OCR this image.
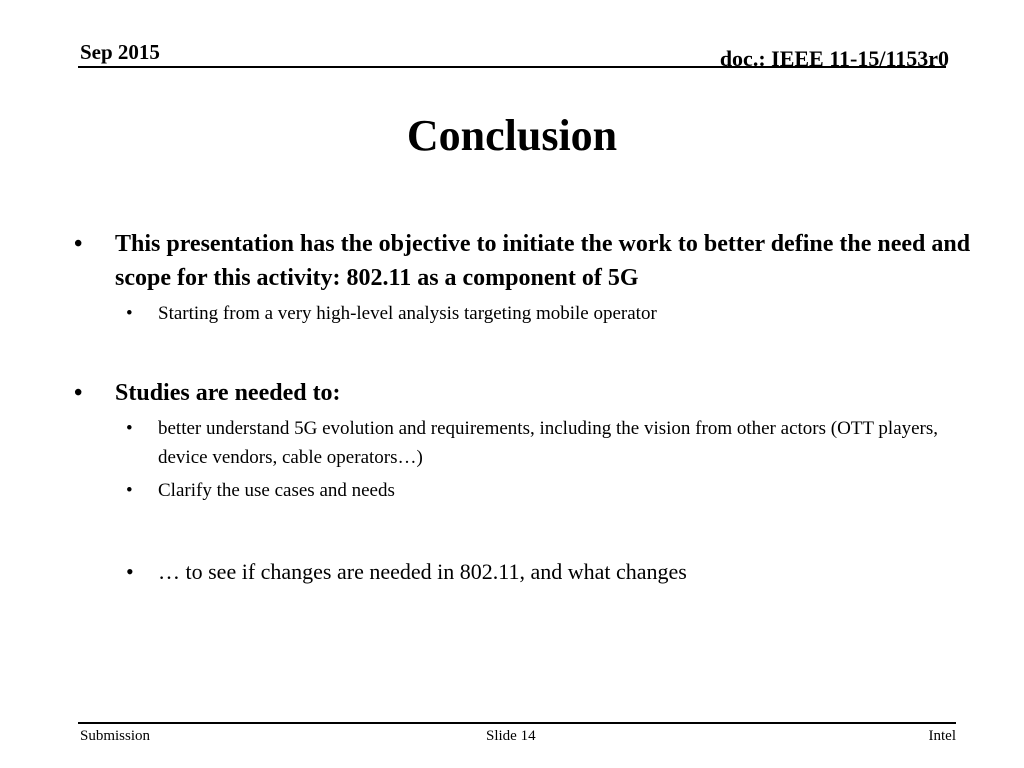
Sep 2015	doc.: IEEE 11-15/1153r0
Conclusion
•	This presentation has the objective to initiate the work to better define the need and scope for this activity: 802.11 as a component of 5G
•	Starting from a very high-level analysis targeting mobile operator
•	Studies are needed to:
•	better understand 5G evolution and requirements, including the vision from other actors (OTT players, device vendors, cable operators…)
•	Clarify the use cases and needs
•	… to see if changes are needed in 802.11, and what changes
Submission	Slide 14	Intel
